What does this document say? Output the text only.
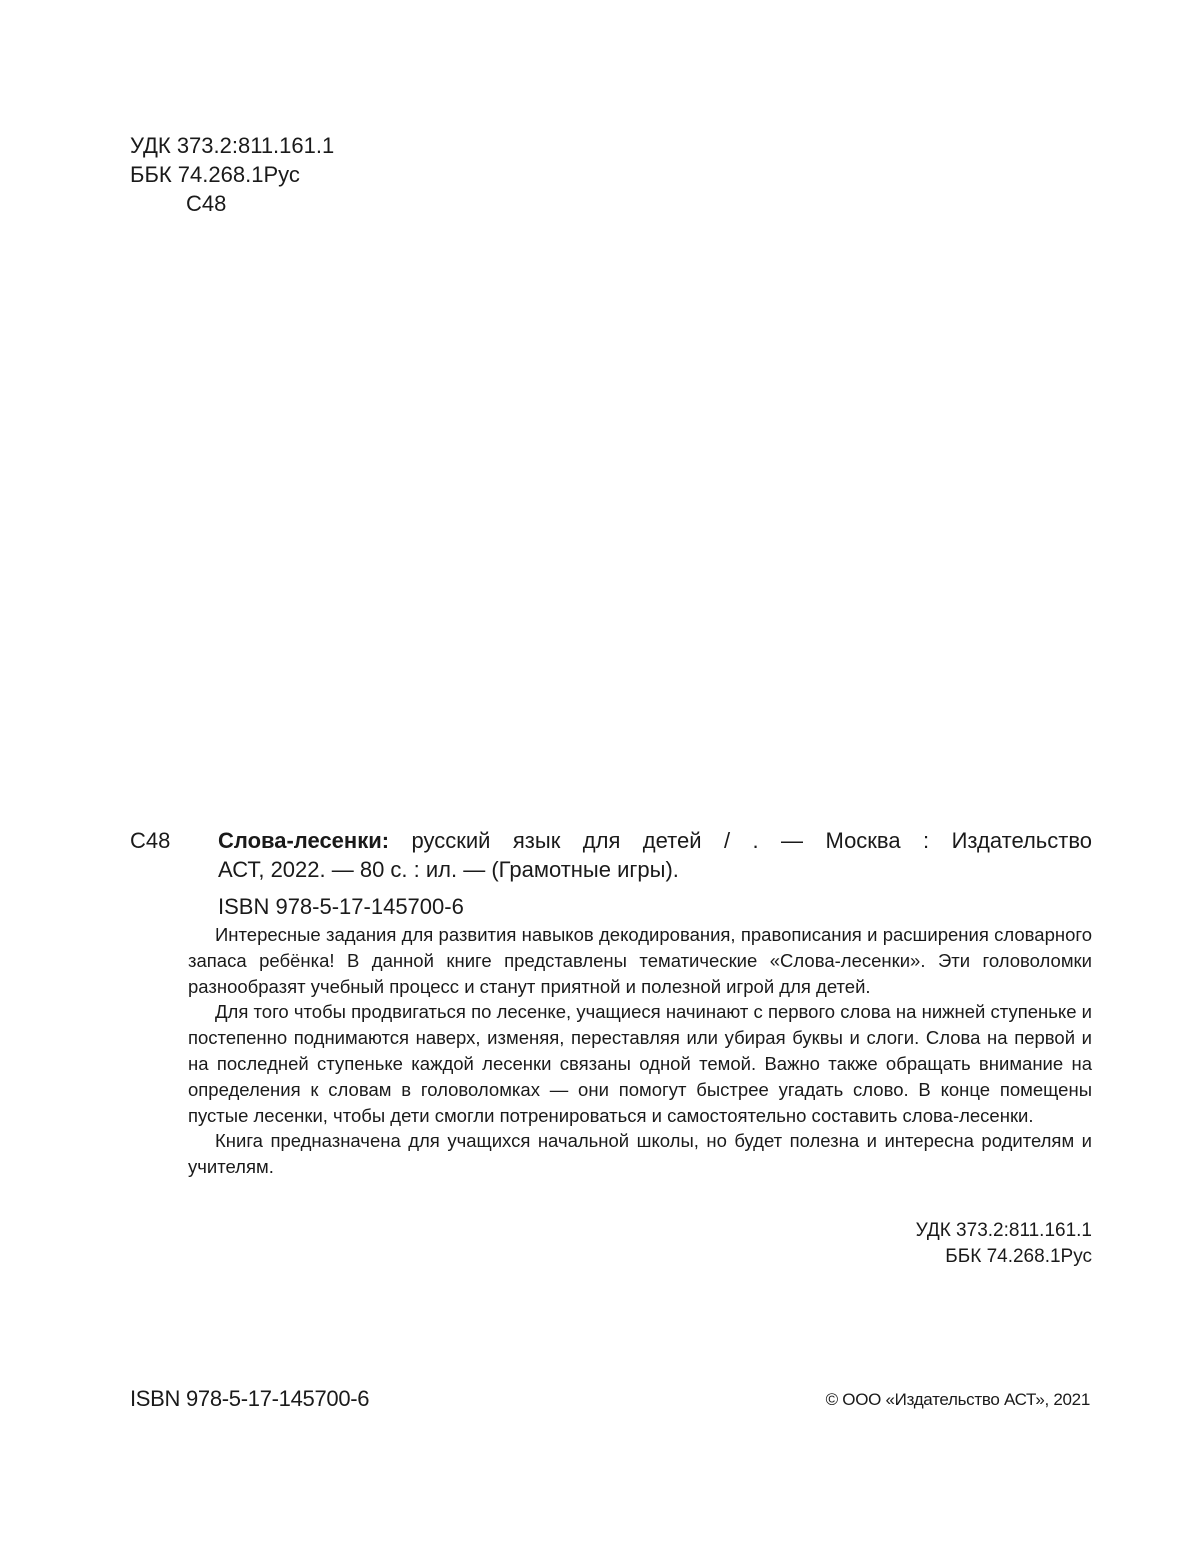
УДК 373.2:811.161.1
ББК 74.268.1Рус
С48
С48 Слова-лесенки: русский язык для детей / . — Москва : Издательство
АСТ, 2022. — 80 с. : ил. — (Грамотные игры).
ISBN 978-5-17-145700-6

Интересные задания для развития навыков декодирования, правописания и расширения словарного запаса ребёнка! В данной книге представлены тематические «Слова-лесенки». Эти головоломки разнообразят учебный процесс и станут приятной и полезной игрой для детей.

Для того чтобы продвигаться по лесенке, учащиеся начинают с первого слова на нижней ступеньке и постепенно поднимаются наверх, изменяя, переставляя или убирая буквы и слоги. Слова на первой и на последней ступеньке каждой лесенки связаны одной темой. Важно также обращать внимание на определения к словам в головоломках — они помогут быстрее угадать слово. В конце помещены пустые лесенки, чтобы дети смогли потренироваться и самостоятельно составить слова-лесенки.

Книга предназначена для учащихся начальной школы, но будет полезна и интересна родителям и учителям.

УДК 373.2:811.161.1
ББК 74.268.1Рус
ISBN 978-5-17-145700-6	© ООО «Издательство АСТ», 2021
